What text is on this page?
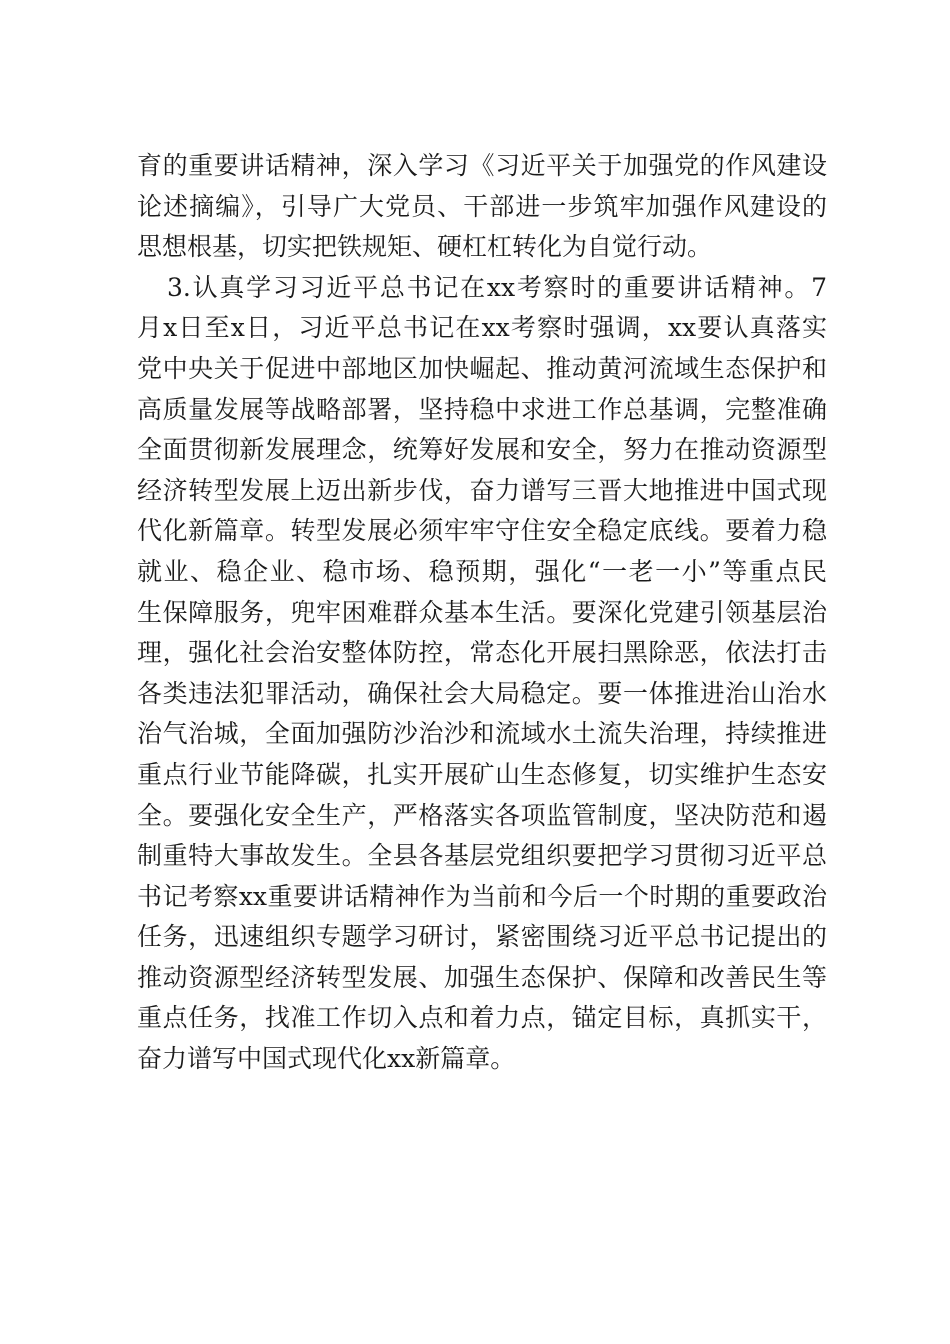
育的重要讲话精神，深入学习《习近平关于加强党的作风建设
论述摘编》，引导广大党员、干部进一步筑牢加强作风建设的
思想根基，切实把铁规矩、硬杠杠转化为自觉行动。
3.认真学习习近平总书记在xx考察时的重要讲话精神。7
月x日至x日，习近平总书记在xx考察时强调，xx要认真落实
党中央关于促进中部地区加快崛起、推动黄河流域生态保护和
高质量发展等战略部署，坚持稳中求进工作总基调，完整准确
全面贯彻新发展理念，统筹好发展和安全，努力在推动资源型
经济转型发展上迈出新步伐，奋力谱写三晋大地推进中国式现
代化新篇章。转型发展必须牢牢守住安全稳定底线。要着力稳
就业、稳企业、稳市场、稳预期，强化“一老一小”等重点民
生保障服务，兜牢困难群众基本生活。要深化党建引领基层治
理，强化社会治安整体防控，常态化开展扫黑除恶，依法打击
各类违法犯罪活动，确保社会大局稳定。要一体推进治山治水
治气治城，全面加强防沙治沙和流域水土流失治理，持续推进
重点行业节能降碳，扎实开展矿山生态修复，切实维护生态安
全。要强化安全生产，严格落实各项监管制度，坚决防范和遏
制重特大事故发生。全县各基层党组织要把学习贯彻习近平总
书记考察xx重要讲话精神作为当前和今后一个时期的重要政治
任务，迅速组织专题学习研讨，紧密围绕习近平总书记提出的
推动资源型经济转型发展、加强生态保护、保障和改善民生等
重点任务，找准工作切入点和着力点，锚定目标，真抓实干，
奋力谱写中国式现代化xx新篇章。
